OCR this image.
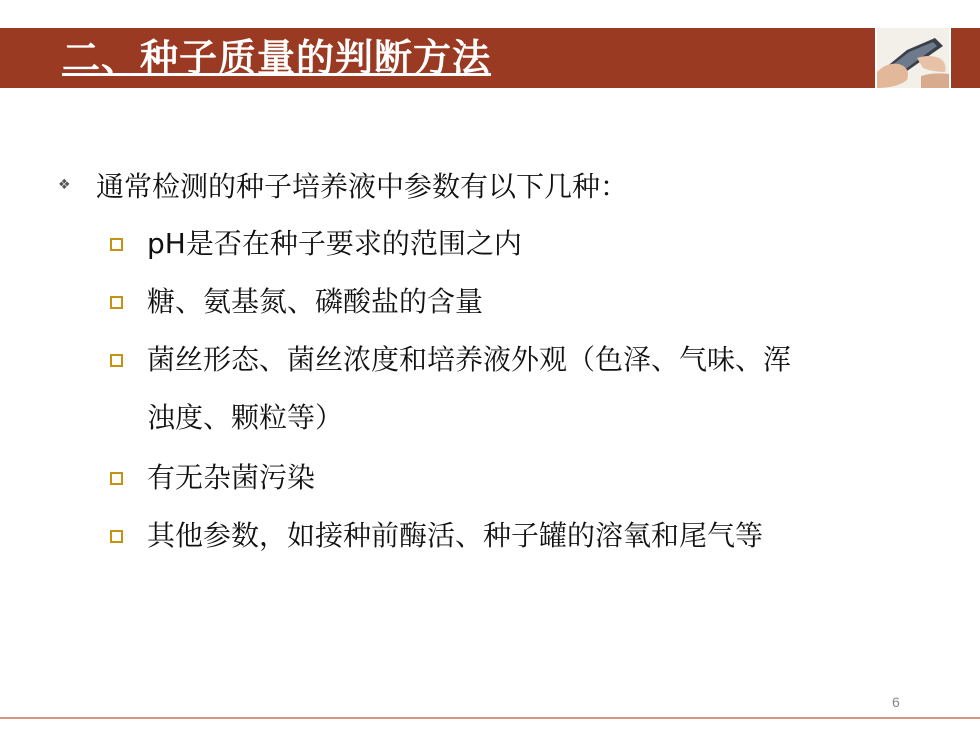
二、种子质量的判断方法
❖ 通常检测的种子培养液中参数有以下几种：
pH是否在种子要求的范围之内
糖、氨基氮、磷酸盐的含量
菌丝形态、菌丝浓度和培养液外观（色泽、气味、浑
浊度、颗粒等）
有无杂菌污染
其他参数，如接种前酶活、种子罐的溶氧和尾气等
6
